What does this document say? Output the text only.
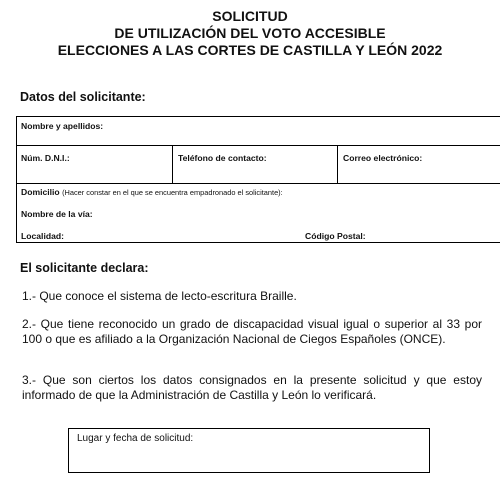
SOLICITUD
DE UTILIZACIÓN DEL VOTO ACCESIBLE
ELECCIONES A LAS CORTES DE CASTILLA Y LEÓN 2022
Datos del solicitante:
Nombre y apellidos:
Núm. D.N.I.:	Teléfono de contacto:	Correo electrónico:
Domicilio (Hacer constar en el que se encuentra empadronado el solicitante):
Nombre de la vía:
Localidad:	Código Postal:
El solicitante declara:
1.- Que conoce el sistema de lecto-escritura Braille.
2.- Que tiene reconocido un grado de discapacidad visual igual o superior al 33 por 100 o que es afiliado a la Organización Nacional de Ciegos Españoles (ONCE).
3.- Que son ciertos los datos consignados en la presente solicitud y que estoy informado de que la Administración de Castilla y León lo verificará.
Lugar y fecha de solicitud:
